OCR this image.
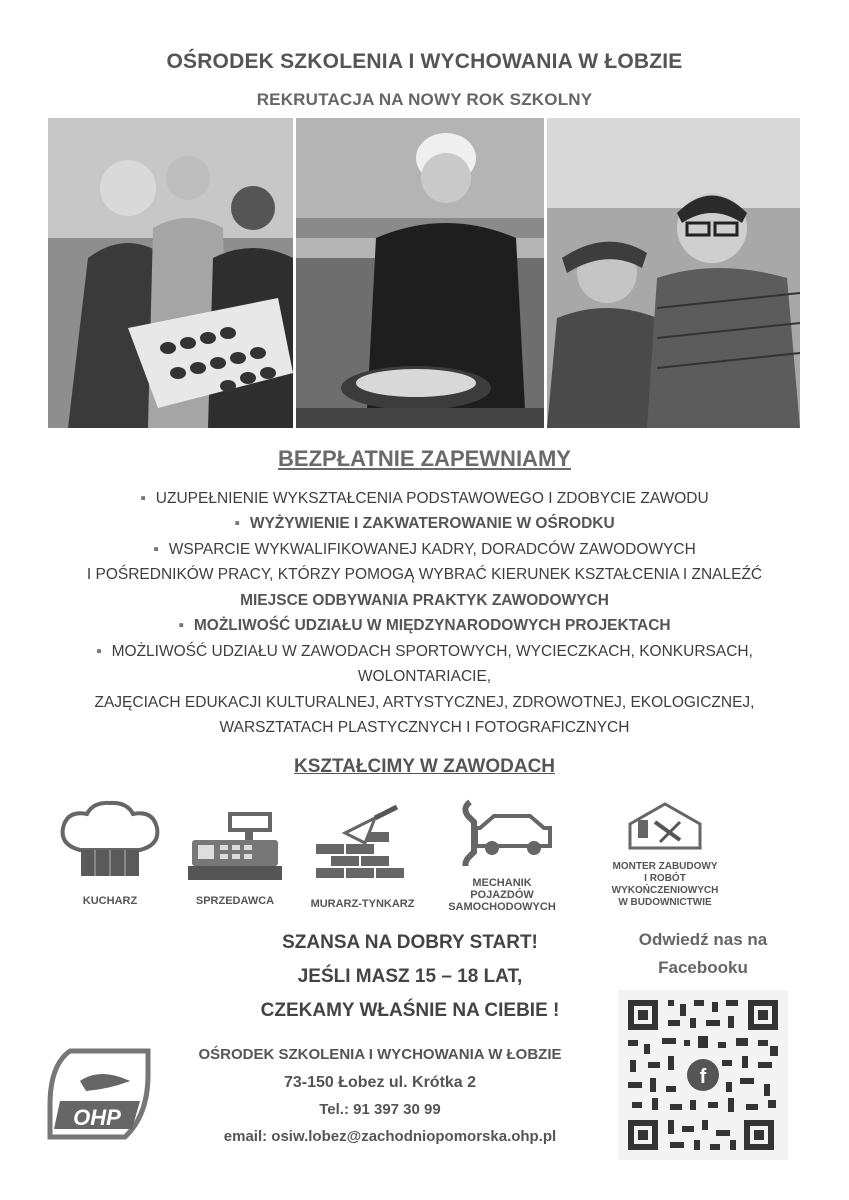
OŚRODEK SZKOLENIA I WYCHOWANIA W ŁOBZIE
REKRUTACJA NA NOWY ROK SZKOLNY
BEZPŁATNIE ZAPEWNIAMY
▪ UZUPEŁNIENIE WYKSZTAŁCENIA PODSTAWOWEGO I ZDOBYCIE ZAWODU
▪ WYŻYWIENIE I ZAKWATEROWANIE W OŚRODKU
▪ WSPARCIE WYKWALIFIKOWANEJ KADRY, DORADCÓW ZAWODOWYCH
I POŚREDNIKÓW PRACY, KTÓRZY POMOGĄ WYBRAĆ KIERUNEK KSZTAŁCENIA I ZNALEŹĆ
MIEJSCE ODBYWANIA PRAKTYK ZAWODOWYCH
▪ MOŻLIWOŚĆ UDZIAŁU W MIĘDZYNARODOWYCH PROJEKTACH
▪ MOŻLIWOŚĆ UDZIAŁU W ZAWODACH SPORTOWYCH, WYCIECZKACH, KONKURSACH,
WOLONTARIACIE,
ZAJĘCIACH EDUKACJI KULTURALNEJ, ARTYSTYCZNEJ, ZDROWOTNEJ, EKOLOGICZNEJ,
WARSZTATACH PLASTYCZNYCH I FOTOGRAFICZNYCH
KSZTAŁCIMY W ZAWODACH
KUCHARZ	SPRZEDAWCA	MURARZ-TYNKARZ
MECHANIK
POJAZDÓW
SAMOCHODOWYCH
MONTER ZABUDOWY
I ROBÓT
WYKOŃCZENIOWYCH
W BUDOWNICTWIE
SZANSA NA DOBRY START!
JEŚLI MASZ 15 – 18 LAT,
CZEKAMY WŁAŚNIE NA CIEBIE !
Odwiedź nas na
Facebooku
f
OHP
OŚRODEK SZKOLENIA I WYCHOWANIA W ŁOBZIE
73-150 Łobez ul. Krótka 2
Tel.: 91 397 30 99
email: osiw.lobez@zachodniopomorska.ohp.pl
